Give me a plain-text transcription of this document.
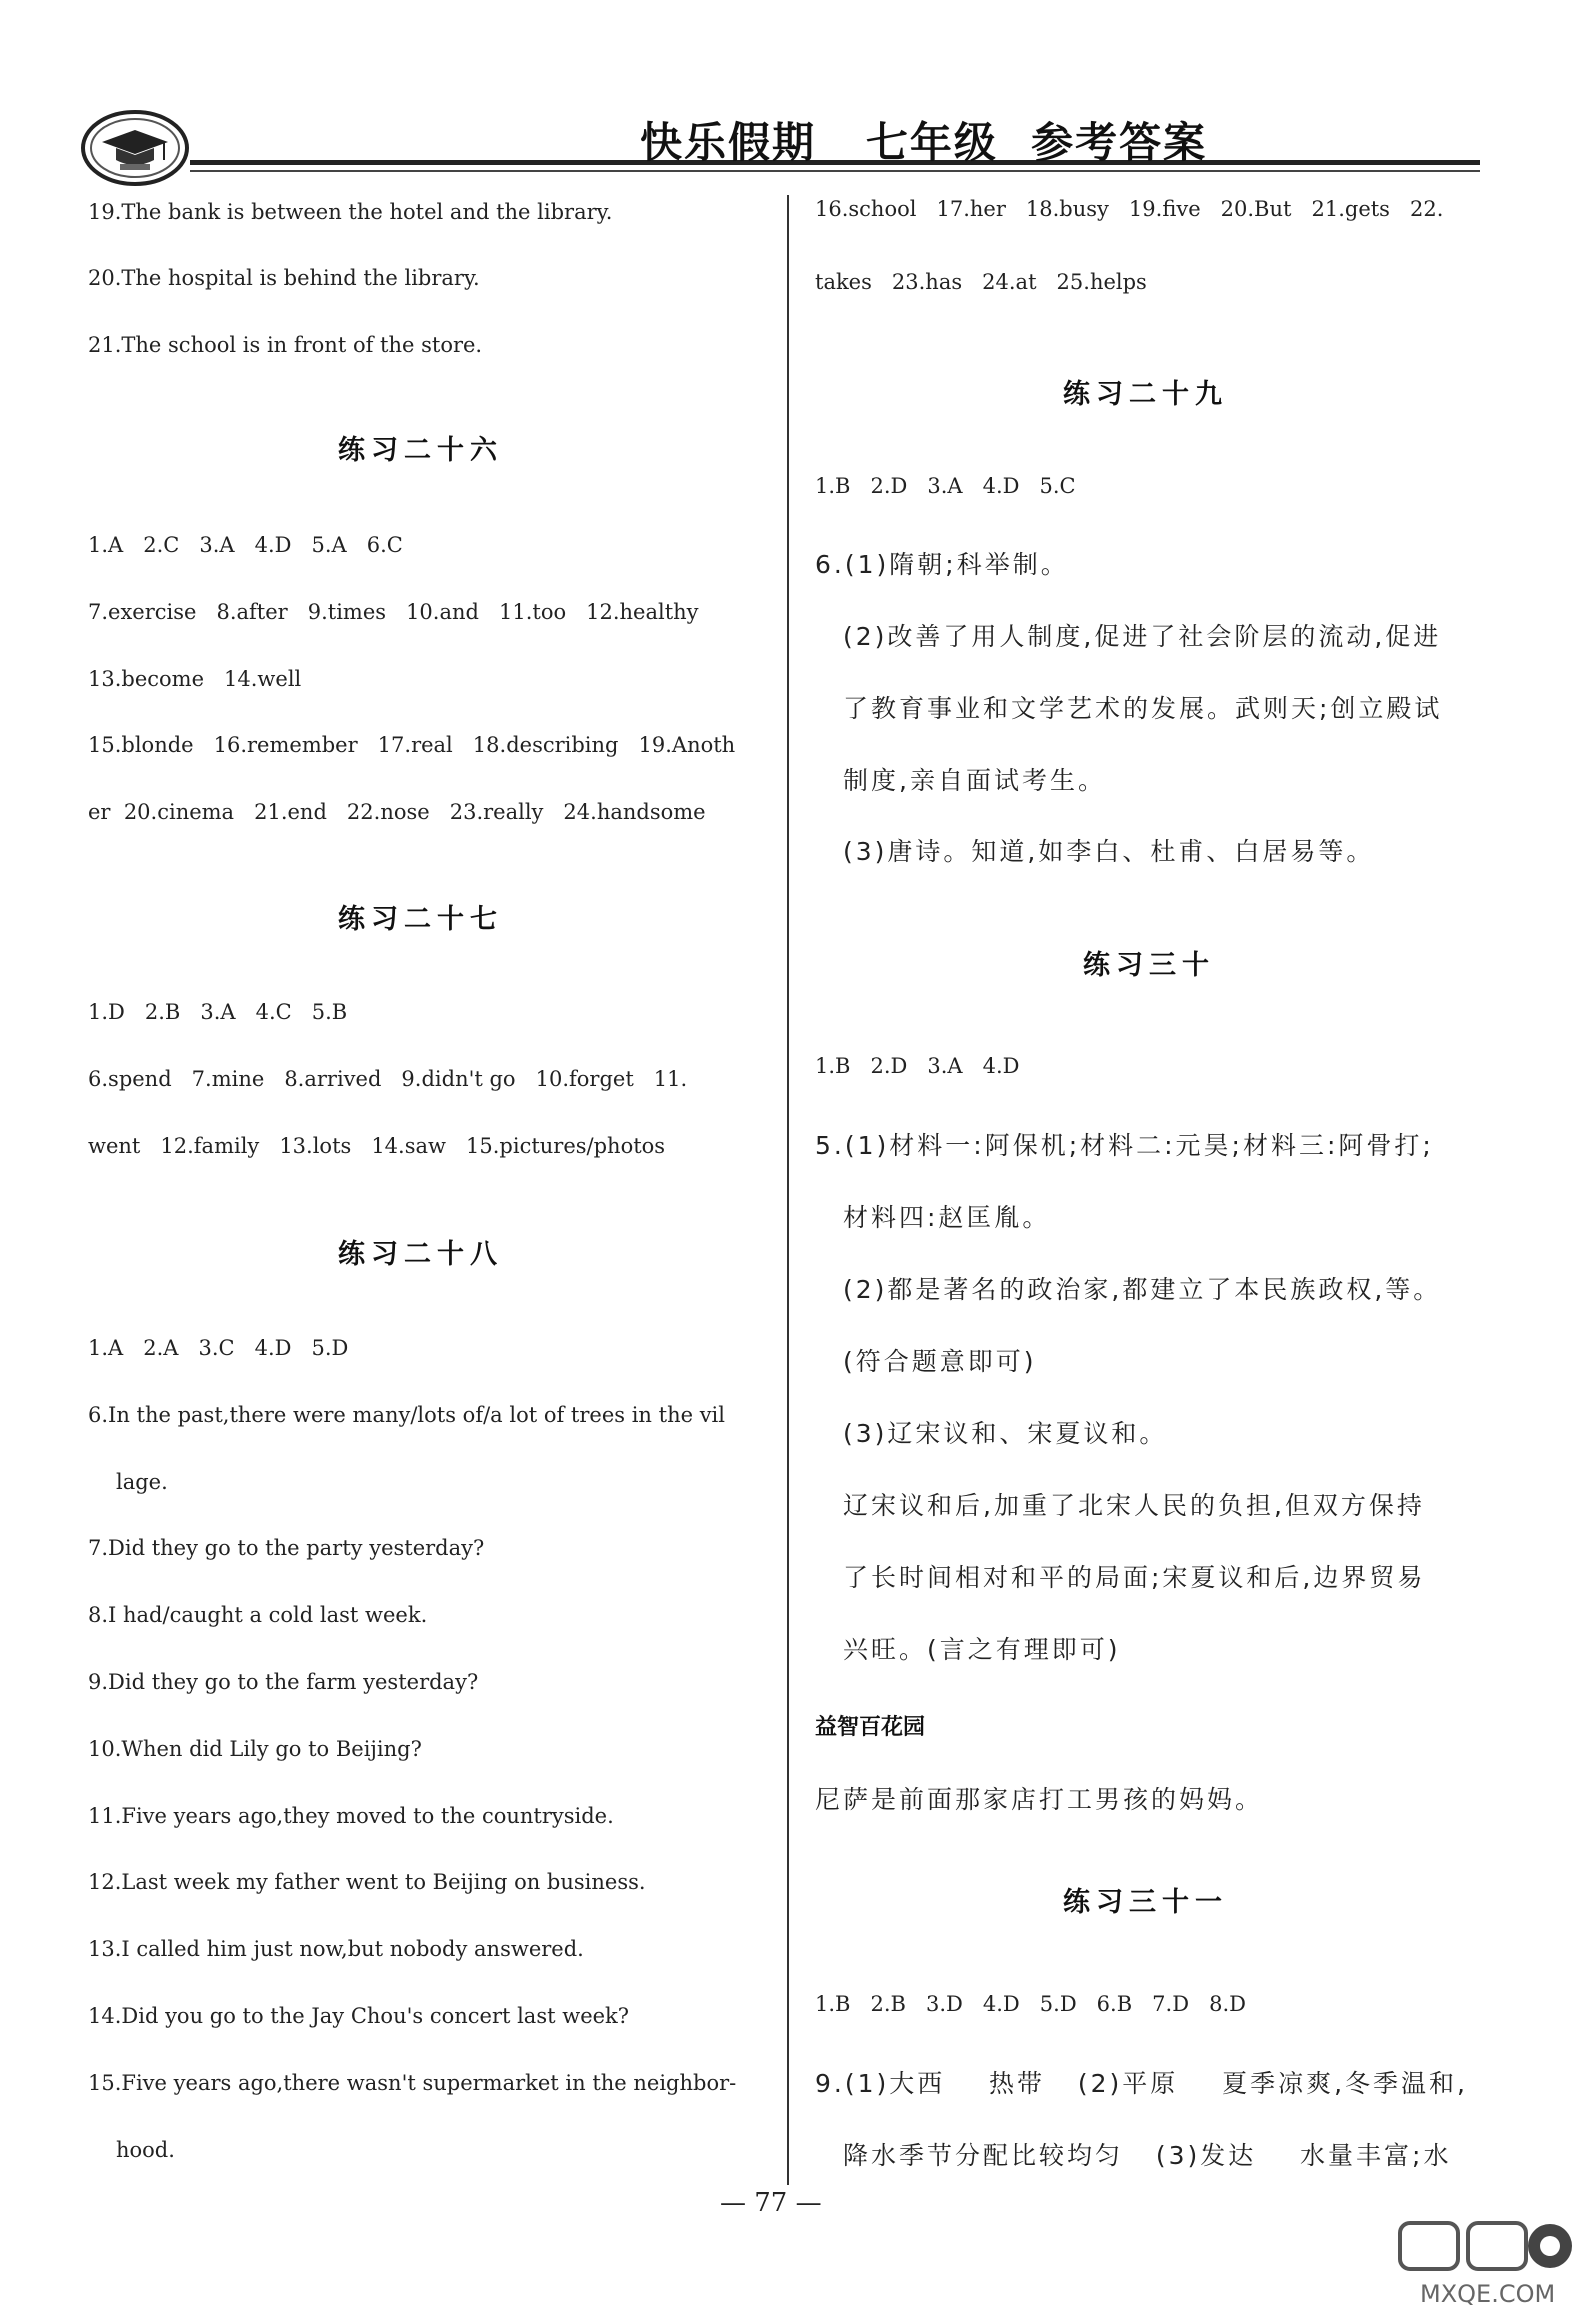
快乐假期   七年级  参考答案
19.The bank is between the hotel and the library.
20.The hospital is behind the library.
21.The school is in front of the store.
练习二十六
1.A   2.C   3.A   4.D   5.A   6.C
7.exercise   8.after   9.times   10.and   11.too   12.healthy
13.become   14.well
15.blonde   16.remember   17.real   18.describing   19.Anoth
er  20.cinema   21.end   22.nose   23.really   24.handsome
练习二十七
1.D   2.B   3.A   4.C   5.B
6.spend   7.mine   8.arrived   9.didn't go   10.forget   11.
went   12.family   13.lots   14.saw   15.pictures/photos
练习二十八
1.A   2.A   3.C   4.D   5.D
6.In the past,there were many/lots of/a lot of trees in the vil
lage.
7.Did they go to the party yesterday?
8.I had/caught a cold last week.
9.Did they go to the farm yesterday?
10.When did Lily go to Beijing?
11.Five years ago,they moved to the countryside.
12.Last week my father went to Beijing on business.
13.I called him just now,but nobody answered.
14.Did you go to the Jay Chou's concert last week?
15.Five years ago,there wasn't supermarket in the neighbor-
hood.
16.school   17.her   18.busy   19.five   20.But   21.gets   22.
takes   23.has   24.at   25.helps
练习二十九
1.B   2.D   3.A   4.D   5.C
6.(1)隋朝;科举制。
(2)改善了用人制度,促进了社会阶层的流动,促进
了教育事业和文学艺术的发展。武则天;创立殿试
制度,亲自面试考生。
(3)唐诗。知道,如李白、杜甫、白居易等。
练习三十
1.B   2.D   3.A   4.D
5.(1)材料一:阿保机;材料二:元昊;材料三:阿骨打;
材料四:赵匡胤。
(2)都是著名的政治家,都建立了本民族政权,等。
(符合题意即可)
(3)辽宋议和、宋夏议和。
辽宋议和后,加重了北宋人民的负担,但双方保持
了长时间相对和平的局面;宋夏议和后,边界贸易
兴旺。(言之有理即可)
益智百花园
尼萨是前面那家店打工男孩的妈妈。
练习三十一
1.B   2.B   3.D   4.D   5.D   6.B   7.D   8.D
9.(1)大西    热带   (2)平原    夏季凉爽,冬季温和,
降水季节分配比较均匀   (3)发达    水量丰富;水
— 77 —
MXQE.COM
